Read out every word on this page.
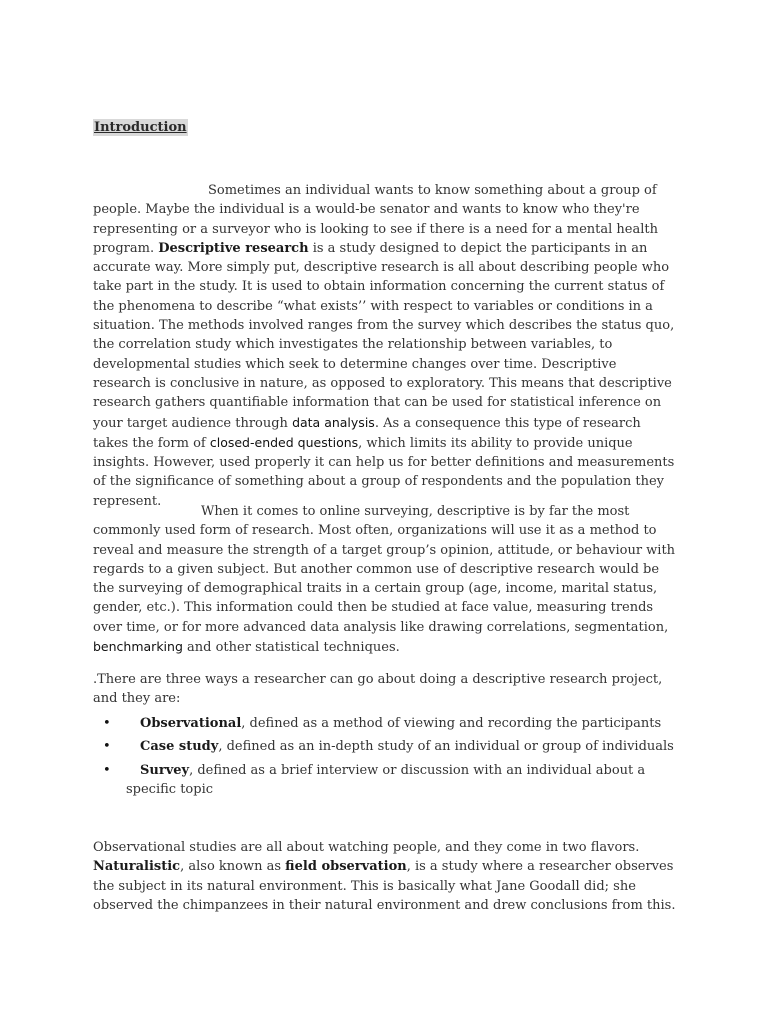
Introduction

Sometimes an individual wants to know something about a group of people. Maybe the individual is a would-be senator and wants to know who they're representing or a surveyor who is looking to see if there is a need for a mental health program. Descriptive research is a study designed to depict the participants in an accurate way. More simply put, descriptive research is all about describing people who take part in the study. It is used to obtain information concerning the current status of the phenomena to describe “what exists’’ with respect to variables or conditions in a situation. The methods involved ranges from the survey which describes the status quo, the correlation study which investigates the relationship between variables, to developmental studies which seek to determine changes over time. Descriptive research is conclusive in nature, as opposed to exploratory. This means that descriptive research gathers quantifiable information that can be used for statistical inference on your target audience through data analysis. As a consequence this type of research takes the form of closed-ended questions, which limits its ability to provide unique insights. However, used properly it can help us for better definitions and measurements of the significance of something about a group of respondents and the population they represent.

When it comes to online surveying, descriptive is by far the most commonly used form of research. Most often, organizations will use it as a method to reveal and measure the strength of a target group’s opinion, attitude, or behaviour with regards to a given subject. But another common use of descriptive research would be the surveying of demographical traits in a certain group (age, income, marital status, gender, etc.). This information could then be studied at face value, measuring trends over time, or for more advanced data analysis like drawing correlations, segmentation, benchmarking and other statistical techniques.

.There are three ways a researcher can go about doing a descriptive research project, and they are:

• Observational, defined as a method of viewing and recording the participants
• Case study, defined as an in-depth study of an individual or group of individuals
• Survey, defined as a brief interview or discussion with an individual about a specific topic

Observational studies are all about watching people, and they come in two flavors. Naturalistic, also known as field observation, is a study where a researcher observes the subject in its natural environment. This is basically what Jane Goodall did; she observed the chimpanzees in their natural environment and drew conclusions from this.
